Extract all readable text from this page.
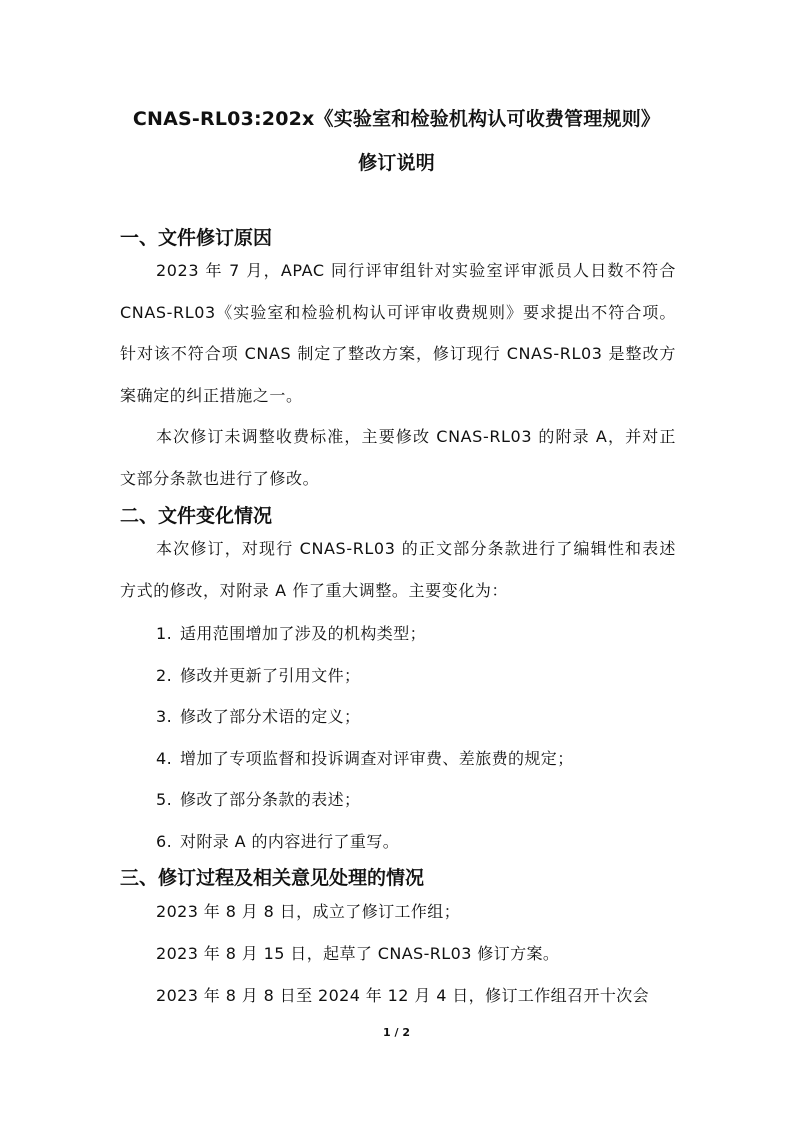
CNAS-RL03:202x《实验室和检验机构认可收费管理规则》
修订说明
一、文件修订原因
2023 年 7 月，APAC 同行评审组针对实验室评审派员人日数不符合 CNAS-RL03《实验室和检验机构认可评审收费规则》要求提出不符合项。针对该不符合项 CNAS 制定了整改方案，修订现行 CNAS-RL03 是整改方案确定的纠正措施之一。
本次修订未调整收费标准，主要修改 CNAS-RL03 的附录 A，并对正文部分条款也进行了修改。
二、文件变化情况
本次修订，对现行 CNAS-RL03 的正文部分条款进行了编辑性和表述方式的修改，对附录 A 作了重大调整。主要变化为：
1. 适用范围增加了涉及的机构类型；
2. 修改并更新了引用文件；
3. 修改了部分术语的定义；
4. 增加了专项监督和投诉调查对评审费、差旅费的规定；
5. 修改了部分条款的表述；
6. 对附录 A 的内容进行了重写。
三、修订过程及相关意见处理的情况
2023 年 8 月 8 日，成立了修订工作组；
2023 年 8 月 15 日，起草了 CNAS-RL03 修订方案。
2023 年 8 月 8 日至 2024 年 12 月 4 日，修订工作组召开十次会
1 / 2
